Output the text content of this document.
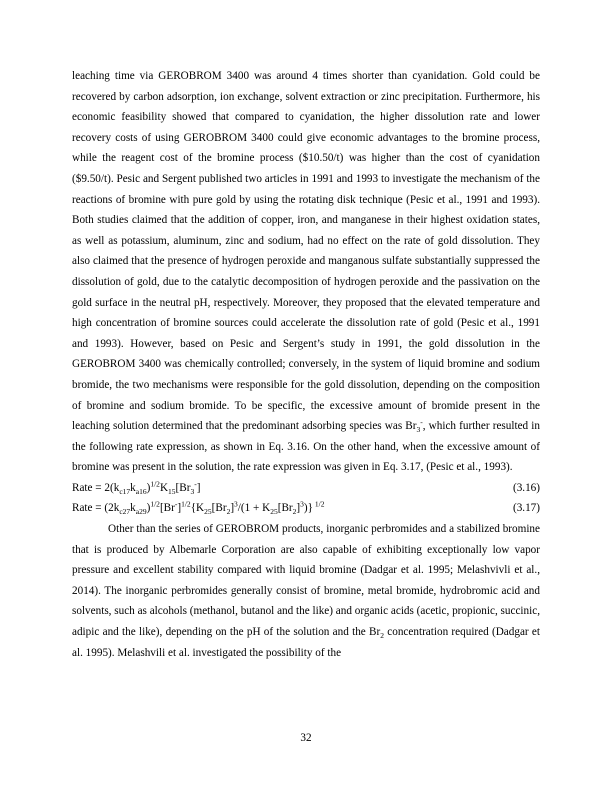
leaching time via GEROBROM 3400 was around 4 times shorter than cyanidation. Gold could be recovered by carbon adsorption, ion exchange, solvent extraction or zinc precipitation. Furthermore, his economic feasibility showed that compared to cyanidation, the higher dissolution rate and lower recovery costs of using GEROBROM 3400 could give economic advantages to the bromine process, while the reagent cost of the bromine process ($10.50/t) was higher than the cost of cyanidation ($9.50/t). Pesic and Sergent published two articles in 1991 and 1993 to investigate the mechanism of the reactions of bromine with pure gold by using the rotating disk technique (Pesic et al., 1991 and 1993). Both studies claimed that the addition of copper, iron, and manganese in their highest oxidation states, as well as potassium, aluminum, zinc and sodium, had no effect on the rate of gold dissolution. They also claimed that the presence of hydrogen peroxide and manganous sulfate substantially suppressed the dissolution of gold, due to the catalytic decomposition of hydrogen peroxide and the passivation on the gold surface in the neutral pH, respectively. Moreover, they proposed that the elevated temperature and high concentration of bromine sources could accelerate the dissolution rate of gold (Pesic et al., 1991 and 1993). However, based on Pesic and Sergent’s study in 1991, the gold dissolution in the GEROBROM 3400 was chemically controlled; conversely, in the system of liquid bromine and sodium bromide, the two mechanisms were responsible for the gold dissolution, depending on the composition of bromine and sodium bromide. To be specific, the excessive amount of bromide present in the leaching solution determined that the predominant adsorbing species was $Br_3^-$, which further resulted in the following rate expression, as shown in Eq. 3.16. On the other hand, when the excessive amount of bromine was present in the solution, the rate expression was given in Eq. 3.17, (Pesic et al., 1993).

Rate = $2(k_{c17}k_{a16})^{1/2}K_{15}[Br_3^-]$	(3.16)
Rate = $(2k_{c27}k_{a29})^{1/2}[Br^-]^{1/2}\{K_{25}[Br_2]^3/(1 + K_{25}[Br_2]^3)\}$ $^{1/2}$	(3.17)

Other than the series of GEROBROM products, inorganic perbromides and a stabilized bromine that is produced by Albemarle Corporation are also capable of exhibiting exceptionally low vapor pressure and excellent stability compared with liquid bromine (Dadgar et al. 1995; Melashvivli et al., 2014). The inorganic perbromides generally consist of bromine, metal bromide, hydrobromic acid and solvents, such as alcohols (methanol, butanol and the like) and organic acids (acetic, propionic, succinic, adipic and the like), depending on the pH of the solution and the $Br_2$ concentration required (Dadgar et al. 1995). Melashvili et al. investigated the possibility of the

32
